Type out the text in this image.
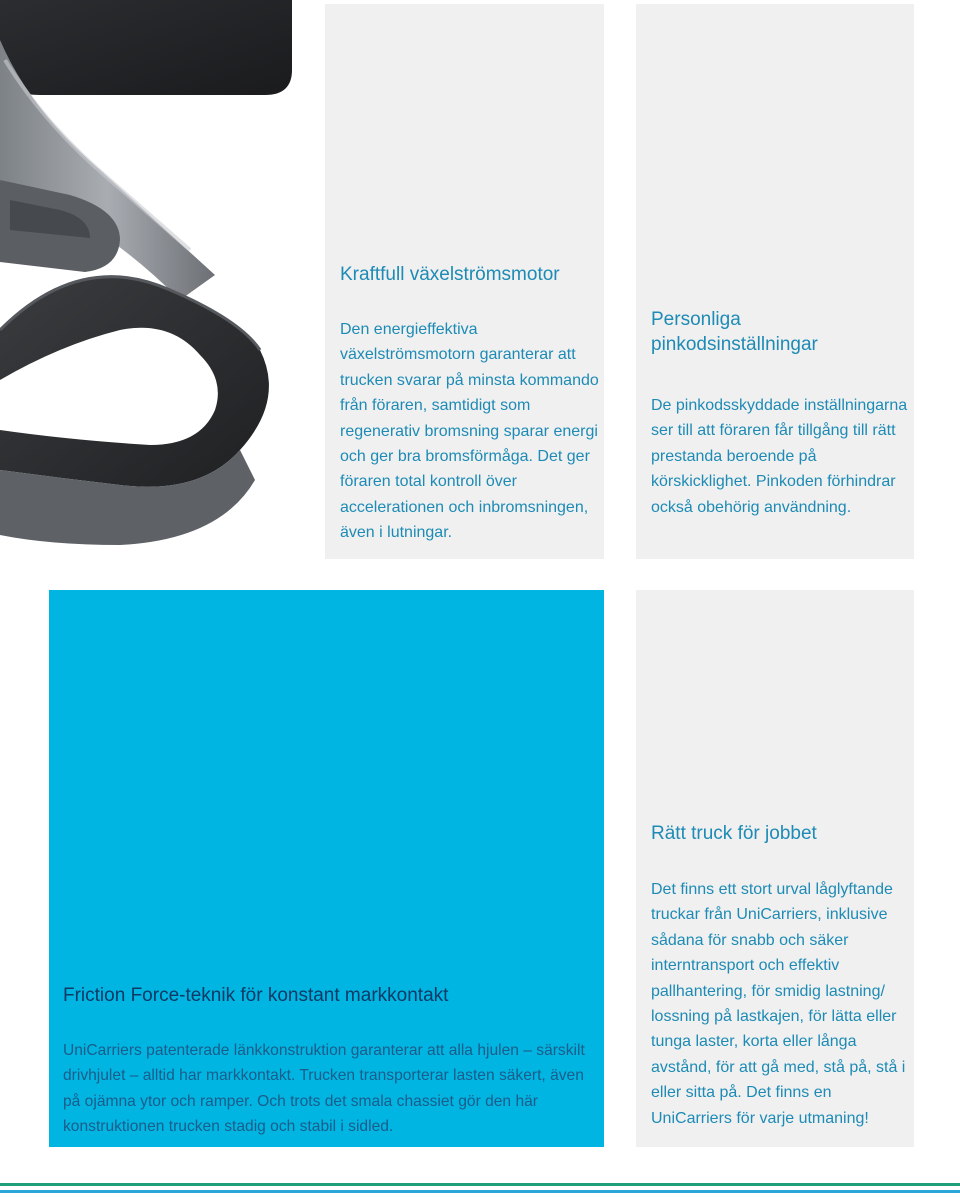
Kraftfull växelströmsmotor

Den energieffektiva växelströmsmotorn garanterar att trucken svarar på minsta kommando från föraren, samtidigt som regenerativ bromsning sparar energi och ger bra bromsförmåga. Det ger föraren total kontroll över accelerationen och inbromsningen, även i lutningar.

Personliga pinkodsinställningar

De pinkodsskyddade inställningarna ser till att föraren får tillgång till rätt prestanda beroende på körskicklighet. Pinkoden förhindrar också obehörig användning.

Friction Force-teknik för konstant markkontakt

UniCarriers patenterade länkkonstruktion garanterar att alla hjulen – särskilt drivhjulet – alltid har markkontakt. Trucken transporterar lasten säkert, även på ojämna ytor och ramper. Och trots det smala chassiet gör den här konstruktionen trucken stadig och stabil i sidled.

Rätt truck för jobbet

Det finns ett stort urval låglyftande truckar från UniCarriers, inklusive sådana för snabb och säker interntransport och effektiv pallhantering, för smidig lastning/ lossning på lastkajen, för lätta eller tunga laster, korta eller långa avstånd, för att gå med, stå på, stå i eller sitta på. Det finns en UniCarriers för varje utmaning!
